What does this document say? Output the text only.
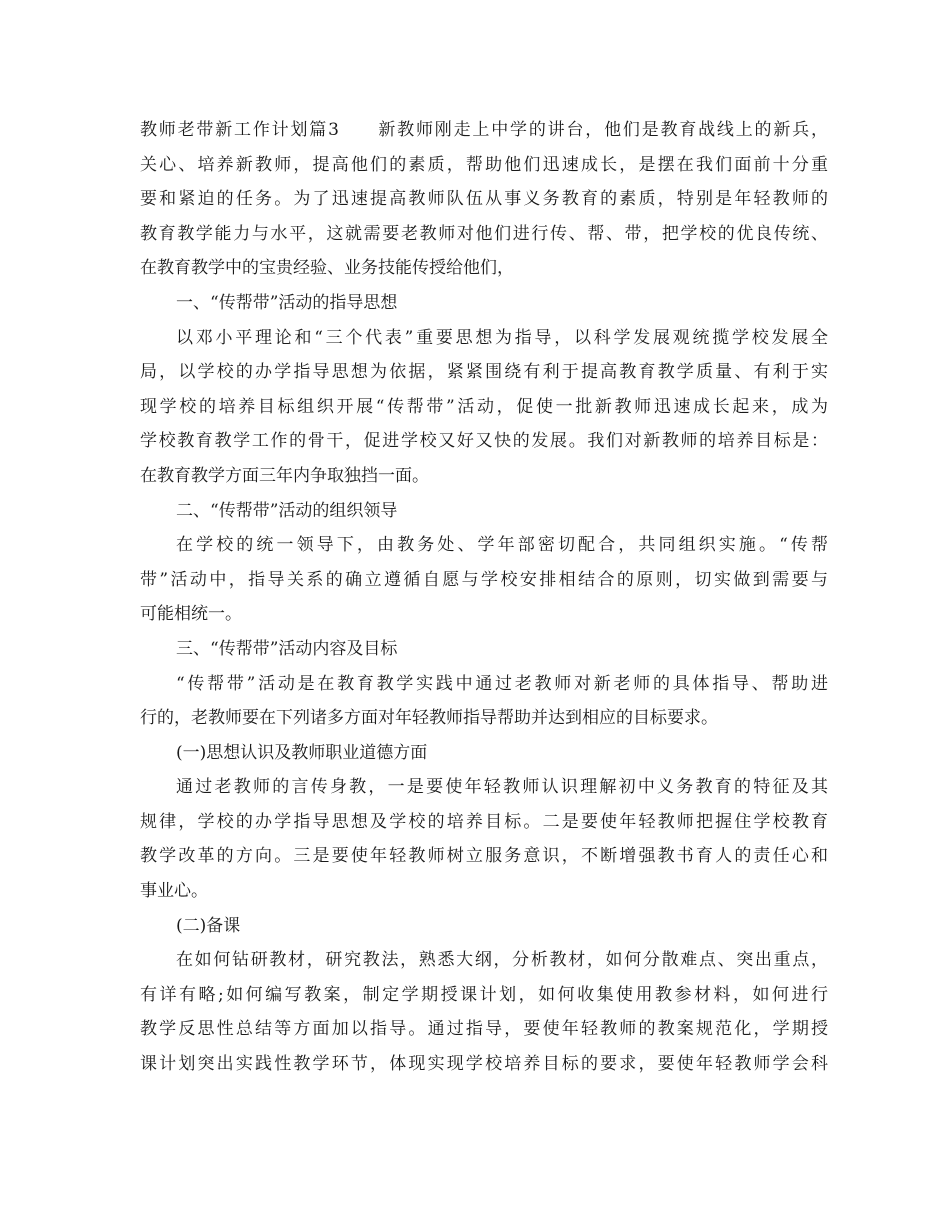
教师老带新工作计划篇3　　新教师刚走上中学的讲台，他们是教育战线上的新兵，
关心、培养新教师，提高他们的素质，帮助他们迅速成长，是摆在我们面前十分重
要和紧迫的任务。为了迅速提高教师队伍从事义务教育的素质，特别是年轻教师的
教育教学能力与水平，这就需要老教师对他们进行传、帮、带，把学校的优良传统、
在教育教学中的宝贵经验、业务技能传授给他们，
一、“传帮带”活动的指导思想
以邓小平理论和“三个代表”重要思想为指导，以科学发展观统揽学校发展全
局，以学校的办学指导思想为依据，紧紧围绕有利于提高教育教学质量、有利于实
现学校的培养目标组织开展“传帮带”活动，促使一批新教师迅速成长起来，成为
学校教育教学工作的骨干，促进学校又好又快的发展。我们对新教师的培养目标是：
在教育教学方面三年内争取独挡一面。
二、“传帮带”活动的组织领导
在学校的统一领导下，由教务处、学年部密切配合，共同组织实施。“传帮
带”活动中，指导关系的确立遵循自愿与学校安排相结合的原则，切实做到需要与
可能相统一。
三、“传帮带”活动内容及目标
“传帮带”活动是在教育教学实践中通过老教师对新老师的具体指导、帮助进
行的，老教师要在下列诸多方面对年轻教师指导帮助并达到相应的目标要求。
(一)思想认识及教师职业道德方面
通过老教师的言传身教，一是要使年轻教师认识理解初中义务教育的特征及其
规律，学校的办学指导思想及学校的培养目标。二是要使年轻教师把握住学校教育
教学改革的方向。三是要使年轻教师树立服务意识，不断增强教书育人的责任心和
事业心。
(二)备课
在如何钻研教材，研究教法，熟悉大纲，分析教材，如何分散难点、突出重点，
有详有略;如何编写教案，制定学期授课计划，如何收集使用教参材料，如何进行
教学反思性总结等方面加以指导。通过指导，要使年轻教师的教案规范化，学期授
课计划突出实践性教学环节，体现实现学校培养目标的要求，要使年轻教师学会科
